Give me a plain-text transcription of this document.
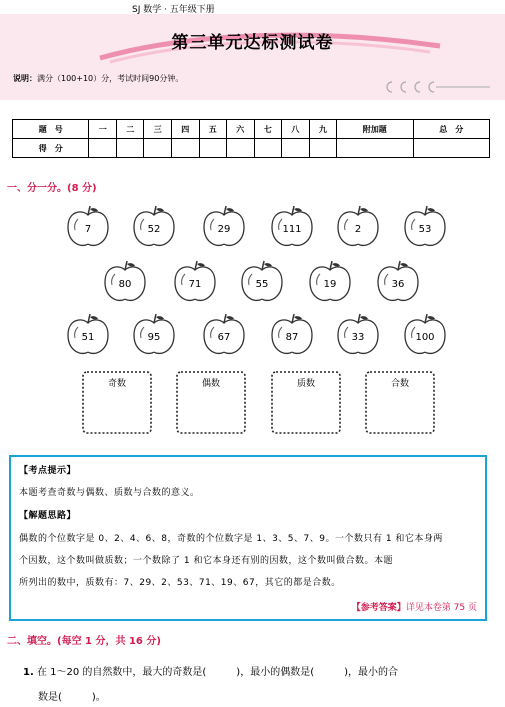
SJ 数学 · 五年级下册
第三单元达标测试卷
说明：满分（100+10）分，考试时间90分钟。
题　号	一	二	三	四	五	六	七	八	九	附加题	总　分
得　分											
一、分一分。(8 分)
7	52	29	111	2	53
80	71	55	19	36
51	95	67	87	33	100
奇数	偶数	质数	合数
【考点提示】
本题考查奇数与偶数、质数与合数的意义。
【解题思路】
偶数的个位数字是 0、2、4、6、8，奇数的个位数字是 1、3、5、7、9。一个数只有 1 和它本身两
个因数，这个数叫做质数；一个数除了 1 和它本身还有别的因数，这个数叫做合数。本题
所列出的数中，质数有：7、29、2、53、71、19、67，其它的都是合数。
【参考答案】详见本卷第 75 页
二、填空。(每空 1 分，共 16 分)
1. 在 1～20 的自然数中，最大的奇数是(　　　)，最小的偶数是(　　　)，最小的合
数是(　　　)。
